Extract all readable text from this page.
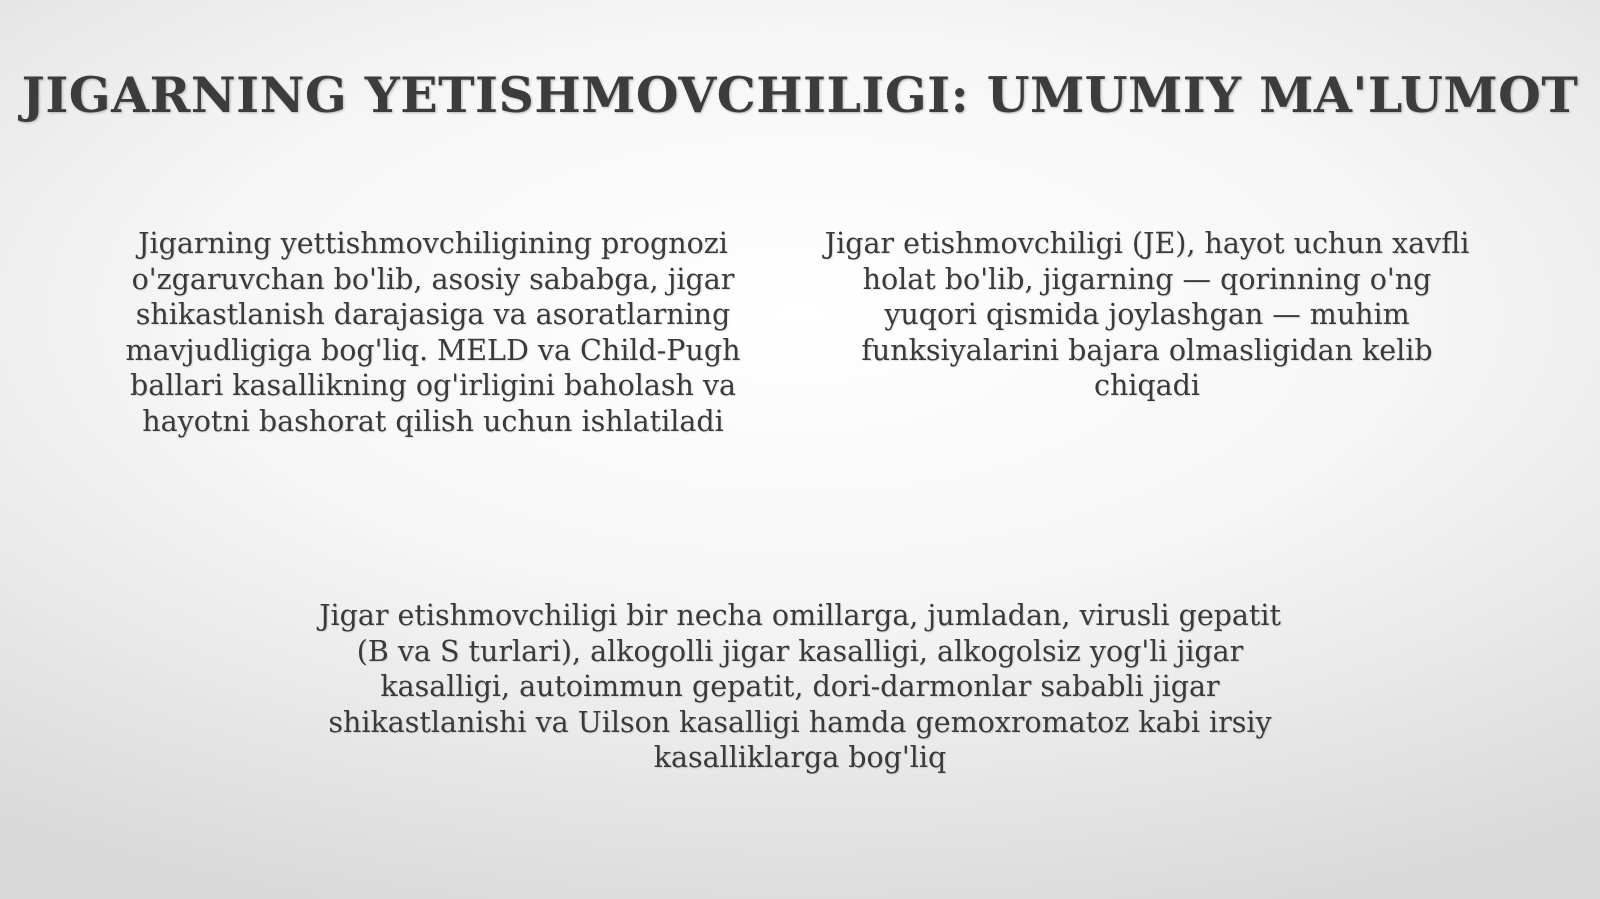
JIGARNING YETISHMOVCHILIGI: UMUMIY MA'LUMOT

Jigarning yettishmovchiligining prognozi o'zgaruvchan bo'lib, asosiy sababga, jigar shikastlanish darajasiga va asoratlarning mavjudligiga bog'liq. MELD va Child-Pugh ballari kasallikning og'irligini baholash va hayotni bashorat qilish uchun ishlatiladi

Jigar etishmovchiligi (JE), hayot uchun xavfli holat bo'lib, jigarning — qorinning o'ng yuqori qismida joylashgan — muhim funksiyalarini bajara olmasligidan kelib chiqadi

Jigar etishmovchiligi bir necha omillarga, jumladan, virusli gepatit (B va S turlari), alkogolli jigar kasalligi, alkogolsiz yog'li jigar kasalligi, autoimmun gepatit, dori-darmonlar sababli jigar shikastlanishi va Uilson kasalligi hamda gemoxromatoz kabi irsiy kasalliklarga bog'liq
